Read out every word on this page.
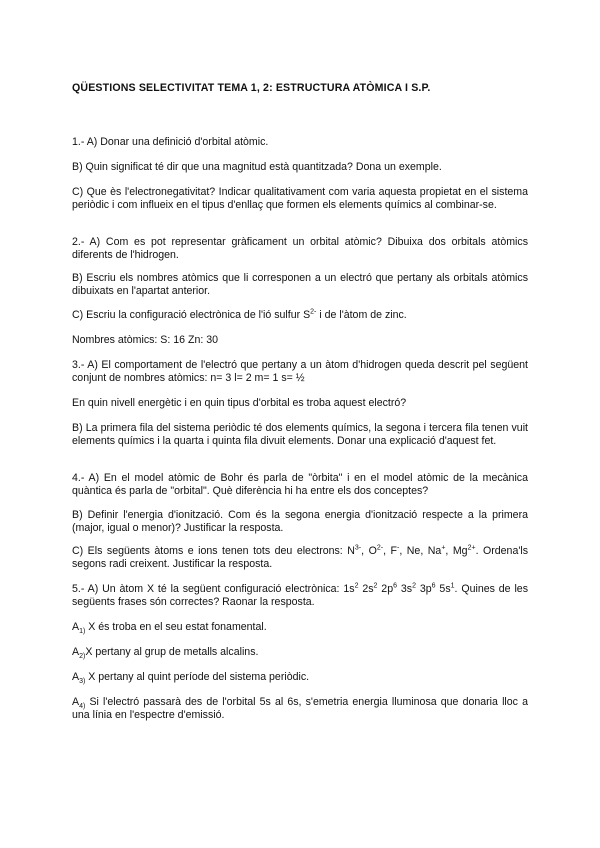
QÜESTIONS SELECTIVITAT TEMA 1, 2: ESTRUCTURA ATÒMICA I S.P.
1.- A) Donar una definició d'orbital atòmic.
B) Quin significat té dir que una magnitud està quantitzada? Dona un exemple.
C) Que ès l'electronegativitat? Indicar qualitativament com varia aquesta propietat en el sistema periòdic i com influeix en el tipus d'enllaç que formen els elements químics al combinar-se.
2.- A) Com es pot representar gràficament un orbital atòmic? Dibuixa dos orbitals atòmics diferents de l'hidrogen.
B) Escriu els nombres atòmics que li corresponen a un electró que pertany als orbitals atòmics dibuixats en l'apartat anterior.
C) Escriu la configuració electrònica de l'ió sulfur $S^{2-}$ i de l'àtom de zinc.
Nombres atòmics: S: 16 Zn: 30
3.- A) El comportament de l'electró que pertany a un àtom d'hidrogen queda descrit pel següent conjunt de nombres atòmics: n= 3 l= 2 m= 1 s= ½
En quin nivell energètic i en quin tipus d'orbital es troba aquest electró?
B) La primera fila del sistema periòdic té dos elements químics, la segona i tercera fila tenen vuit elements químics i la quarta i quinta fila divuit elements. Donar una explicació d'aquest fet.
4.- A) En el model atòmic de Bohr és parla de "òrbita" i en el model atòmic de la mecànica quàntica és parla de "orbital". Què diferència hi ha entre els dos conceptes?
B) Definir l'energia d'ionització. Com és la segona energia d'ionització respecte a la primera (major, igual o menor)? Justificar la resposta.
C) Els següents àtoms e ions tenen tots deu electrons: $N^{3-}$, $O^{2-}$, F-, Ne, Na+, $Mg^{2+}$. Ordena'ls segons radi creixent. Justificar la resposta.
5.- A) Un àtom X té la següent configuració electrònica: $1s^2$ $2s^2$ $2p^6$ $3s^2$ $3p^6$ $5s^1$. Quines de les següents frases són correctes? Raonar la resposta.
$A_{1)}$ X és troba en el seu estat fonamental.
$A_{2)}X$ pertany al grup de metalls alcalins.
$A_{3)}$ X pertany al quint període del sistema periòdic.
$A_{4)}$ Si l'electró passarà des de l'orbital 5s al 6s, s'emetria energia lluminosa que donaria lloc a una línia en l'espectre d'emissió.
